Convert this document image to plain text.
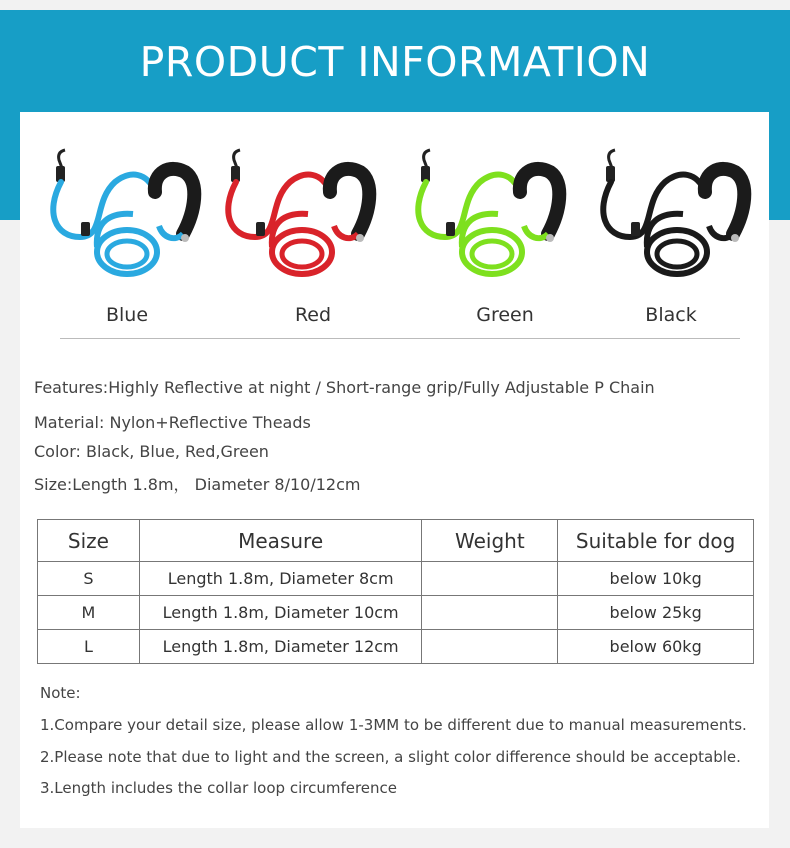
PRODUCT INFORMATION
Blue	Red	Green	Black
Features:Highly Reflective at night / Short-range grip/Fully Adjustable P Chain
Material: Nylon+Reflective Theads
Color: Black, Blue, Red,Green
Size:Length 1.8m， Diameter 8/10/12cm
Size	Measure	Weight	Suitable for dog
S	Length 1.8m, Diameter 8cm		below 10kg
M	Length 1.8m, Diameter 10cm		below 25kg
L	Length 1.8m, Diameter 12cm		below 60kg
Note:
1.Compare your detail size, please allow 1-3MM to be different due to manual measurements.
2.Please note that due to light and the screen, a slight color difference should be acceptable.
3.Length includes the collar loop circumference
